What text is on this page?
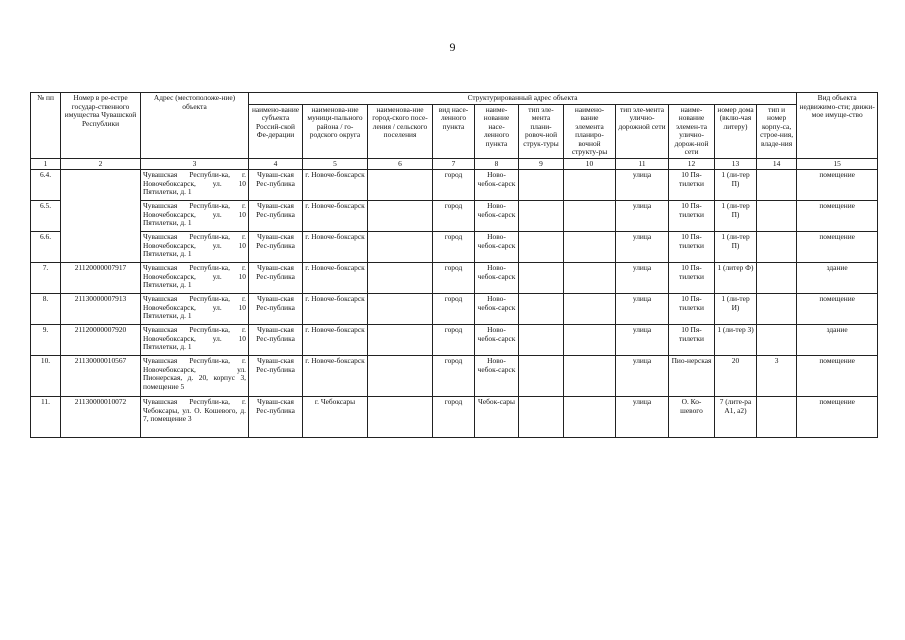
9
№ пп	Номер в ре-естре государ-ственного имущества Чувашской Республики	Адрес (местоположе-ние) объекта	Структурированный адрес объекта											Вид объекта недвижимо-сти; движи-мое имуще-ство
			наимено-вание субъекта Россий-ской Фе-дерации	наименова-ние муници-пального района / го-родского округа	наименова-ние город-ского посе-ления / сельского поселения	вид насе-ленного пункта	наиме-нование насе-ленного пункта	тип эле-мента плани-ровоч-ной струк-туры	наимено-вание элемента планиро-вочной структу-ры	тип эле-мента улично-дорожной сети	наиме-нование элемен-та улично-дорож-ной сети	номер дома (вклю-чая литеру)	тип и номер корпу-са, строе-ния, владе-ния	
1	2	3	4	5	6	7	8	9	10	11	12	13	14	15
6.4.		Чувашская Республи-ка, г. Новочебоксарск, ул. 10 Пятилетки, д. 1	Чуваш-ская Рес-публика	г. Новоче-боксарск		город	Ново-чебок-сарск			улица	10 Пя-тилетки	1 (ли-тер П)		помещение
6.5.		Чувашская Республи-ка, г. Новочебоксарск, ул. 10 Пятилетки, д. 1	Чуваш-ская Рес-публика	г. Новоче-боксарск		город	Ново-чебок-сарск			улица	10 Пя-тилетки	1 (ли-тер П)		помещение
6.6.		Чувашская Республи-ка, г. Новочебоксарск, ул. 10 Пятилетки, д. 1	Чуваш-ская Рес-публика	г. Новоче-боксарск		город	Ново-чебок-сарск			улица	10 Пя-тилетки	1 (ли-тер П)		помещение
7.	21120000007917	Чувашская Республи-ка, г. Новочебоксарск, ул. 10 Пятилетки, д. 1	Чуваш-ская Рес-публика	г. Новоче-боксарск		город	Ново-чебок-сарск			улица	10 Пя-тилетки	1 (литер Ф)		здание
8.	21130000007913	Чувашская Республи-ка, г. Новочебоксарск, ул. 10 Пятилетки, д. 1	Чуваш-ская Рес-публика	г. Новоче-боксарск		город	Ново-чебок-сарск			улица	10 Пя-тилетки	1 (ли-тер И)		помещение
9.	21120000007920	Чувашская Республи-ка, г. Новочебоксарск, ул. 10 Пятилетки, д. 1	Чуваш-ская Рес-публика	г. Новоче-боксарск		город	Ново-чебок-сарск			улица	10 Пя-тилетки	1 (ли-тер З)		здание
10.	21130000010567	Чувашская Республи-ка, г. Новочебоксарск, ул. Пионерская, д. 20, корпус 3, помещение 5	Чуваш-ская Рес-публика	г. Новоче-боксарск		город	Ново-чебок-сарск			улица	Пио-нерская	20	3	помещение
11.	21130000010072	Чувашская Республи-ка, г. Чебоксары, ул. О. Кошевого, д. 7, помещение 3	Чуваш-ская Рес-публика	г. Чебоксары		город	Чебок-сары			улица	О. Ко-шевого	7 (лите-ра А1, а2)		помещение
